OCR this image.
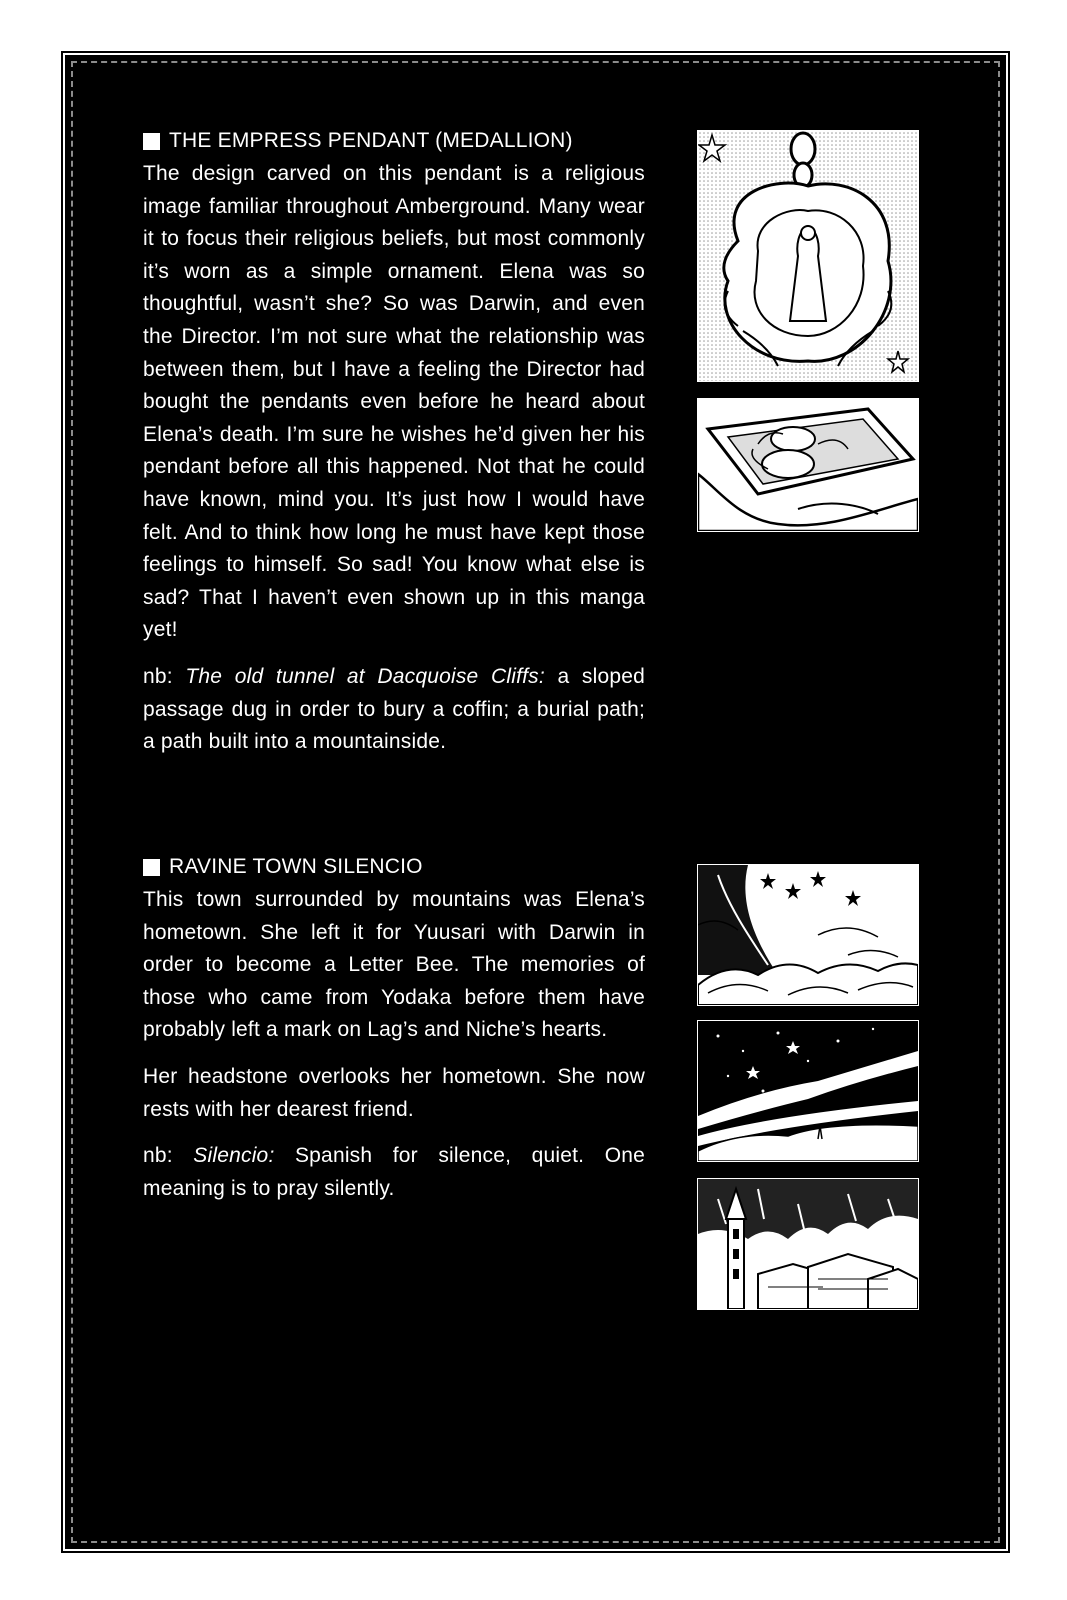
THE EMPRESS PENDANT (MEDALLION)

The design carved on this pendant is a religious image familiar throughout Amberground. Many wear it to focus their religious beliefs, but most commonly it’s worn as a simple ornament. Elena was so thoughtful, wasn’t she? So was Darwin, and even the Director. I’m not sure what the relationship was between them, but I have a feeling the Director had bought the pendants even before he heard about Elena’s death. I’m sure he wishes he’d given her his pendant before all this happened. Not that he could have known, mind you. It’s just how I would have felt. And to think how long he must have kept those feelings to himself. So sad! You know what else is sad? That I haven’t even shown up in this manga yet!

nb: The old tunnel at Dacquoise Cliffs: a sloped passage dug in order to bury a coffin; a burial path; a path built into a mountainside.

RAVINE TOWN SILENCIO

This town surrounded by mountains was Elena’s hometown. She left it for Yuusari with Darwin in order to become a Letter Bee. The memories of those who came from Yodaka before them have probably left a mark on Lag’s and Niche’s hearts.

Her headstone overlooks her hometown. She now rests with her dearest friend.

nb: Silencio: Spanish for silence, quiet. One meaning is to pray silently.
